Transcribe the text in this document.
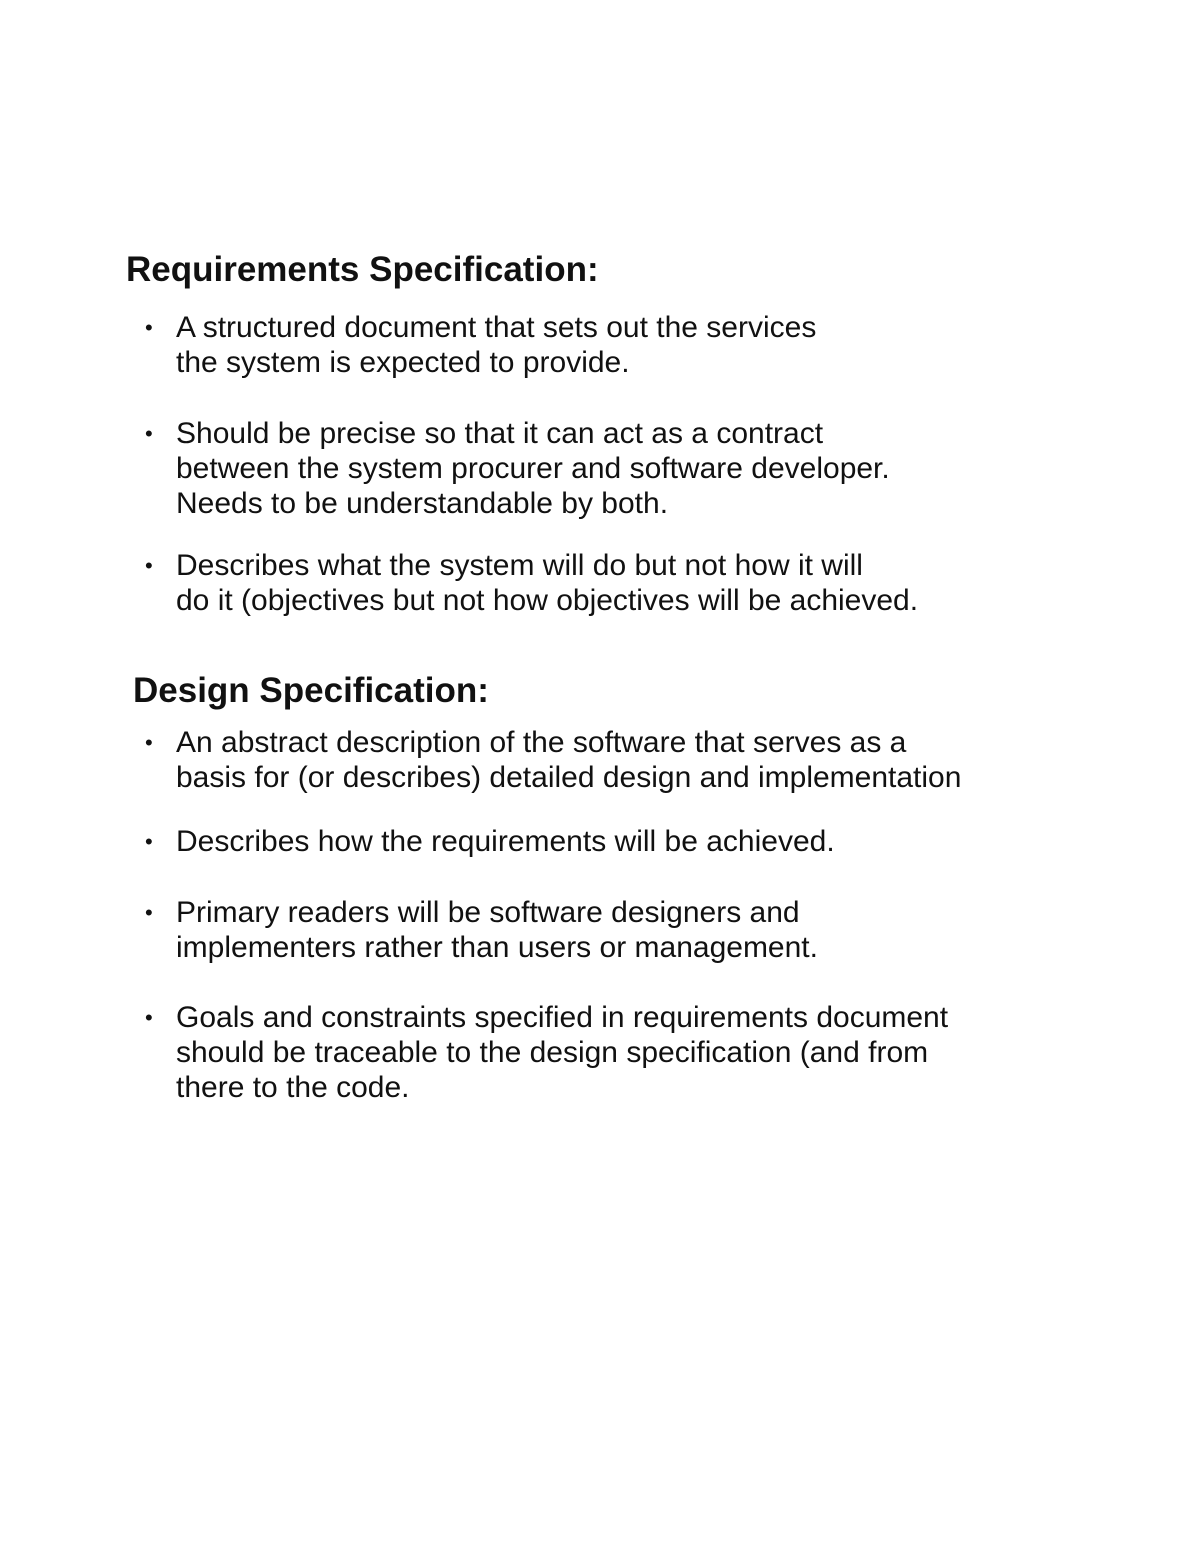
Requirements Specification:
• A structured document that sets out the services
the system is expected to provide.
• Should be precise so that it can act as a contract
between the system procurer and software developer.
Needs to be understandable by both.
• Describes what the system will do but not how it will
do it (objectives but not how objectives will be achieved.
Design Specification:
• An abstract description of the software that serves as a
basis for (or describes) detailed design and implementation
• Describes how the requirements will be achieved.
• Primary readers will be software designers and
implementers rather than users or management.
• Goals and constraints specified in requirements document
should be traceable to the design specification (and from
there to the code.
